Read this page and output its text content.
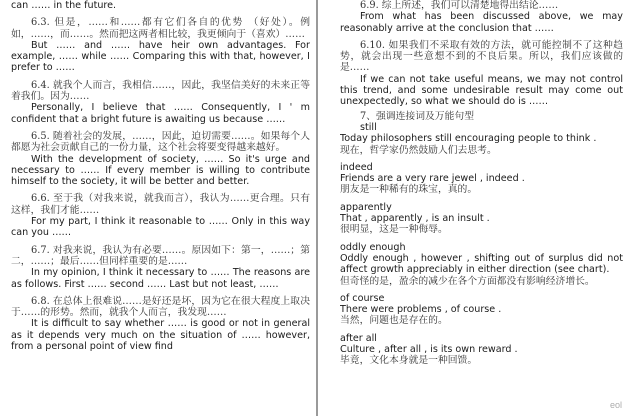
can …… in the future.

6.3. 但是，……和……都有它们各自的优势 （好处）。例如，……，而……。然而把这两者相比较，我更倾向于（喜欢）……

But …… and …… have heir own advantages. For example, …… while …… Comparing this with that, however, I prefer to ……

6.4. 就我个人而言，我相信……，因此，我坚信美好的未来正等着我们。因为……

Personally, I believe that …… Consequently, I ' m confident that a bright future is awaiting us because ……

6.5. 随着社会的发展，……，因此，迫切需要……。如果每个人都愿为社会贡献自己的一份力量，这个社会将要变得越来越好。

With the development of society, …… So it's urge and necessary to …… If every member is willing to contribute himself to the society, it will be better and better.

6.6. 至于我（对我来说，就我而言），我认为……更合理。只有这样，我们才能……

For my part, I think it reasonable to …… Only in this way can you ……

6.7. 对我来说，我认为有必要……。原因如下：第一，……；第二，……；最后……但同样重要的是……

In my opinion, I think it necessary to …… The reasons are as follows. First …… second …… Last but not least, ……

6.8. 在总体上很难说……是好还是坏，因为它在很大程度上取决于……的形势。然而，就我个人而言，我发现……

It is difficult to say whether …… is good or not in general as it depends very much on the situation of …… however, from a personal point of view find

6.9. 综上所述，我们可以清楚地得出结论……

From what has been discussed above, we may reasonably arrive at the conclusion that ……

6.10. 如果我们不采取有效的方法，就可能控制不了这种趋势，就会出现一些意想不到的不良后果。所以，我们应该做的是……

If we can not take useful means, we may not control this trend, and some undesirable result may come out unexpectedly, so what we should do is ……

7、强调连接词及万能句型

still

Today philosophers still encouraging people to think .

现在，哲学家仍然鼓励人们去思考。

indeed

Friends are a very rare jewel , indeed .

朋友是一种稀有的珠宝，真的。

apparently

That , apparently , is an insult .

很明显，这是一种侮辱。

oddly enough

Oddly enough , however , shifting out of surplus did not affect growth appreciably in either direction (see chart).

但奇怪的是，盈余的减少在各个方面都没有影响经济增长。

of course

There were problems , of course .

当然，问题也是存在的。

after all

Culture , after all , is its own reward .

毕竟，文化本身就是一种回馈。

eol
